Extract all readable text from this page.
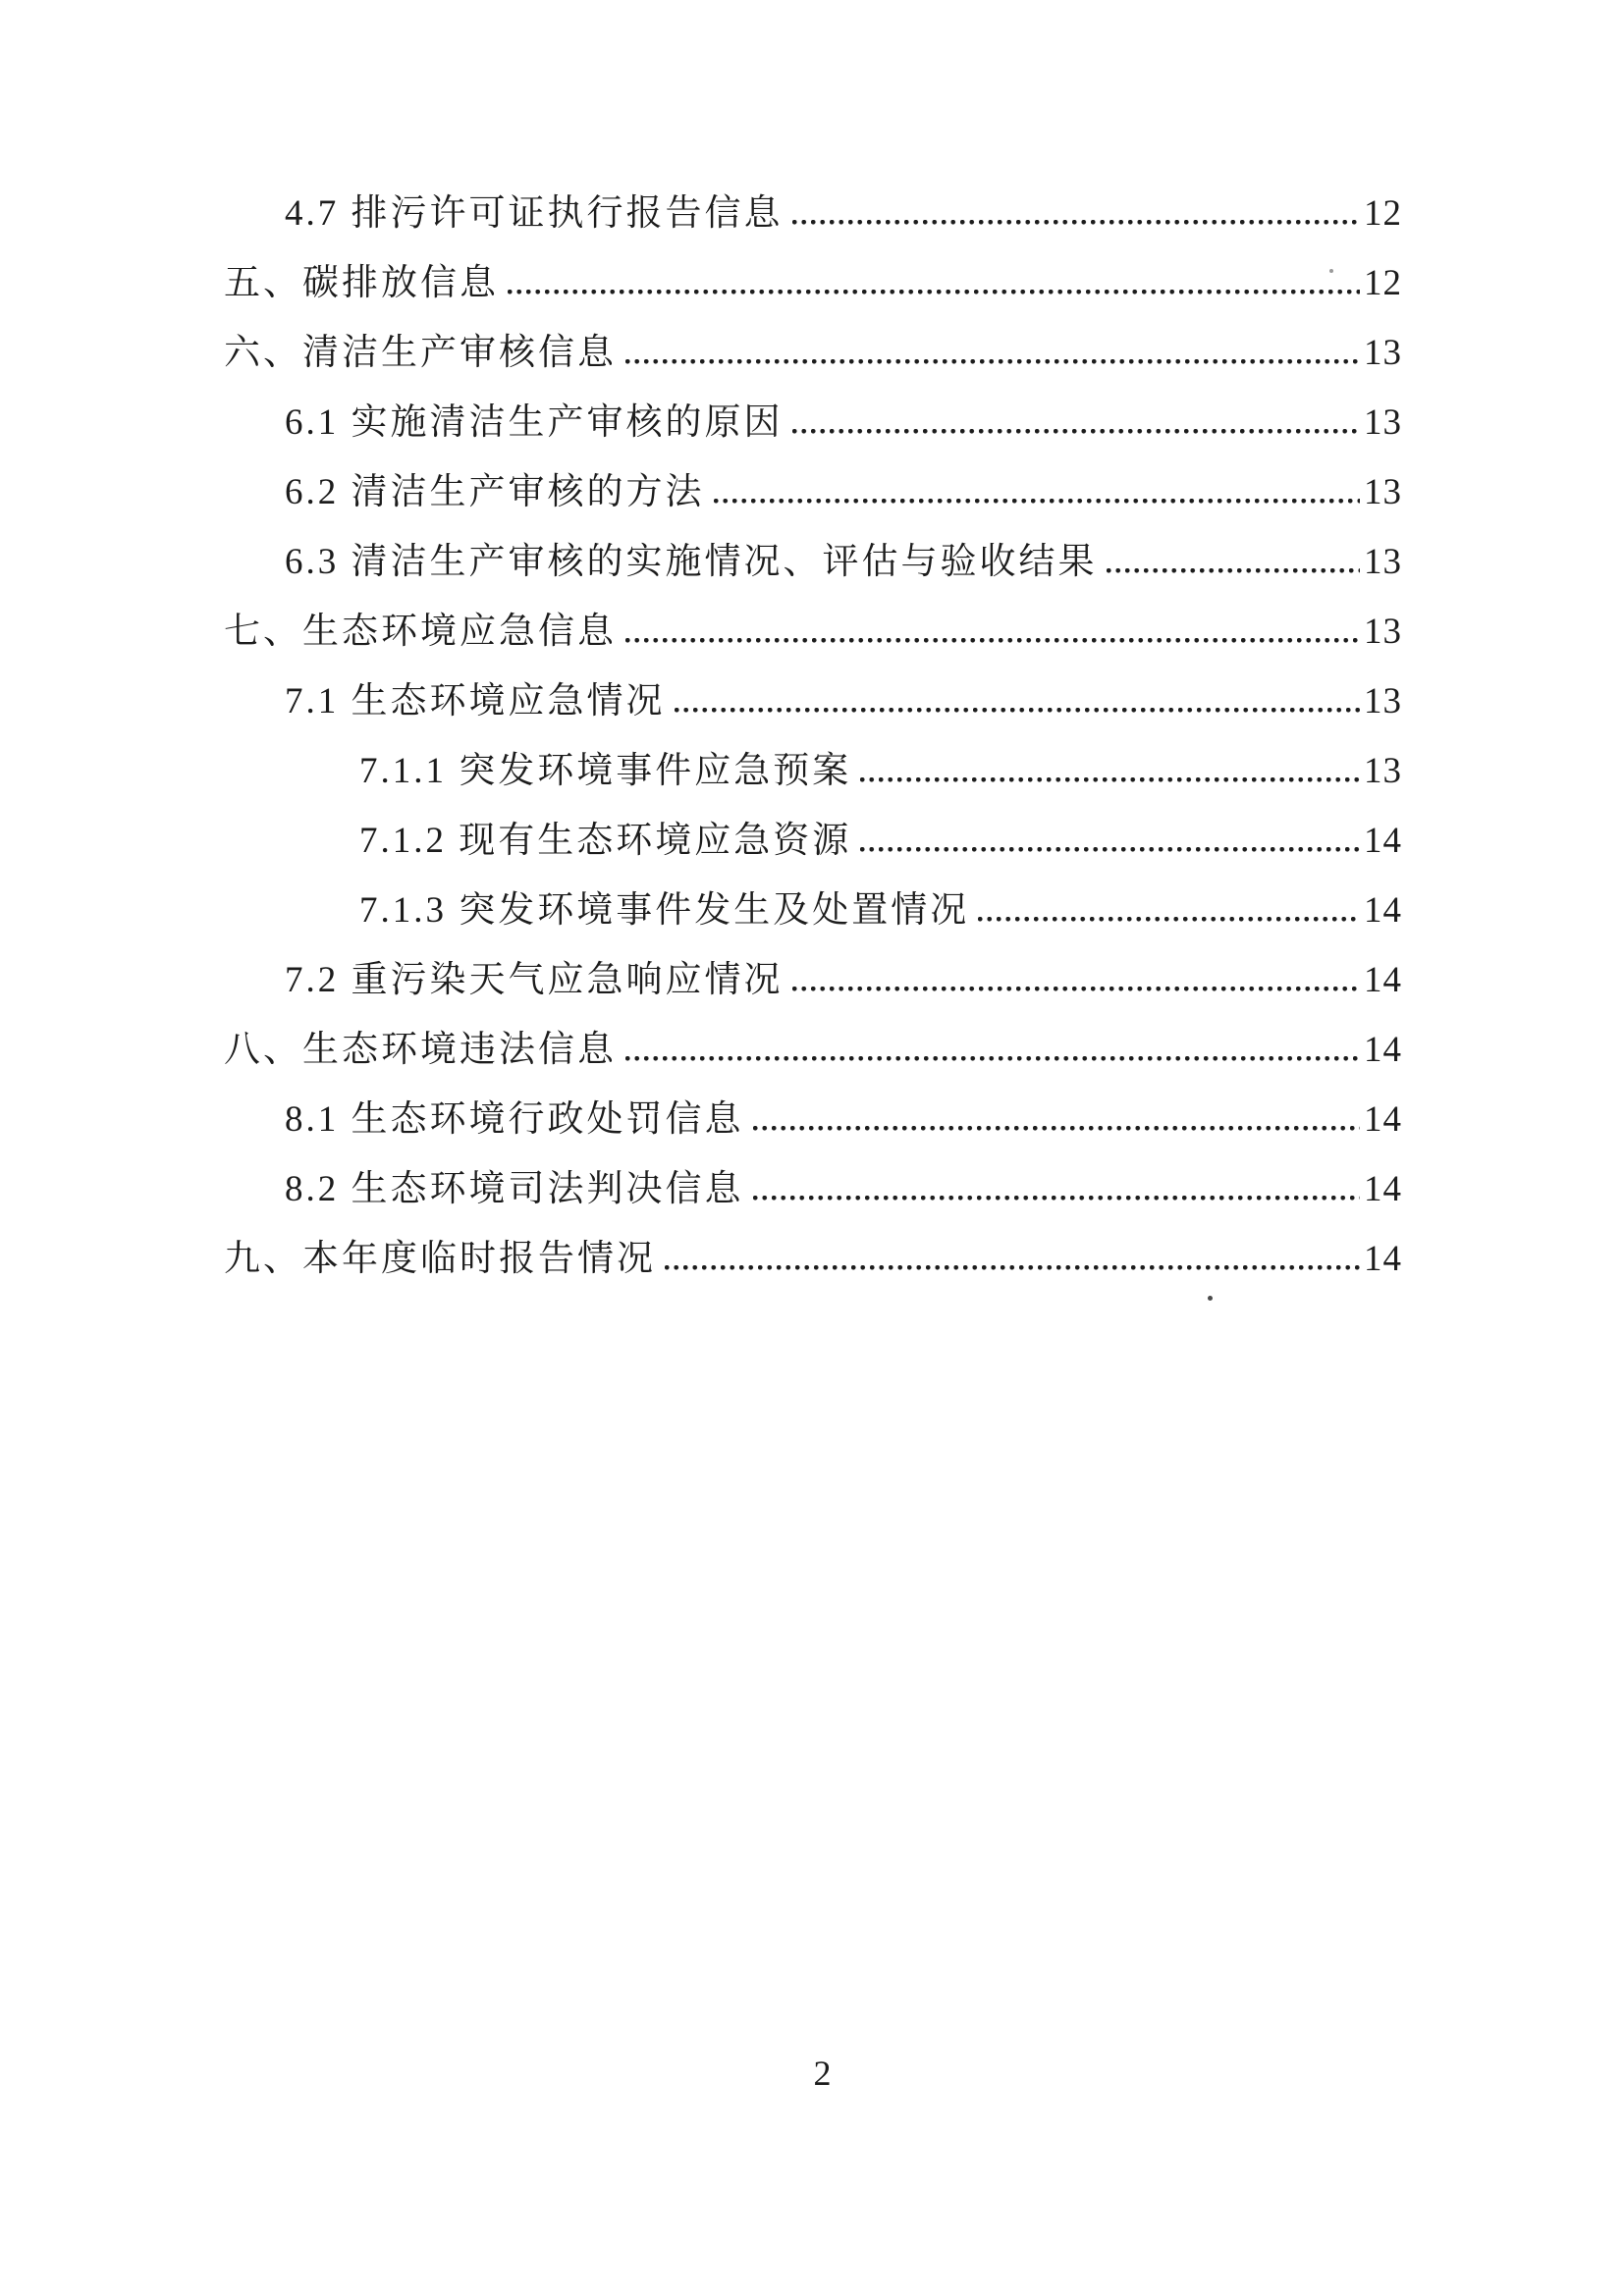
4.7 排污许可证执行报告信息	12
五、碳排放信息	12
六、清洁生产审核信息	13
6.1 实施清洁生产审核的原因	13
6.2 清洁生产审核的方法	13
6.3 清洁生产审核的实施情况、评估与验收结果	13
七、生态环境应急信息	13
7.1 生态环境应急情况	13
7.1.1 突发环境事件应急预案	13
7.1.2 现有生态环境应急资源	14
7.1.3 突发环境事件发生及处置情况	14
7.2 重污染天气应急响应情况	14
八、生态环境违法信息	14
8.1 生态环境行政处罚信息	14
8.2 生态环境司法判决信息	14
九、本年度临时报告情况	14
2
